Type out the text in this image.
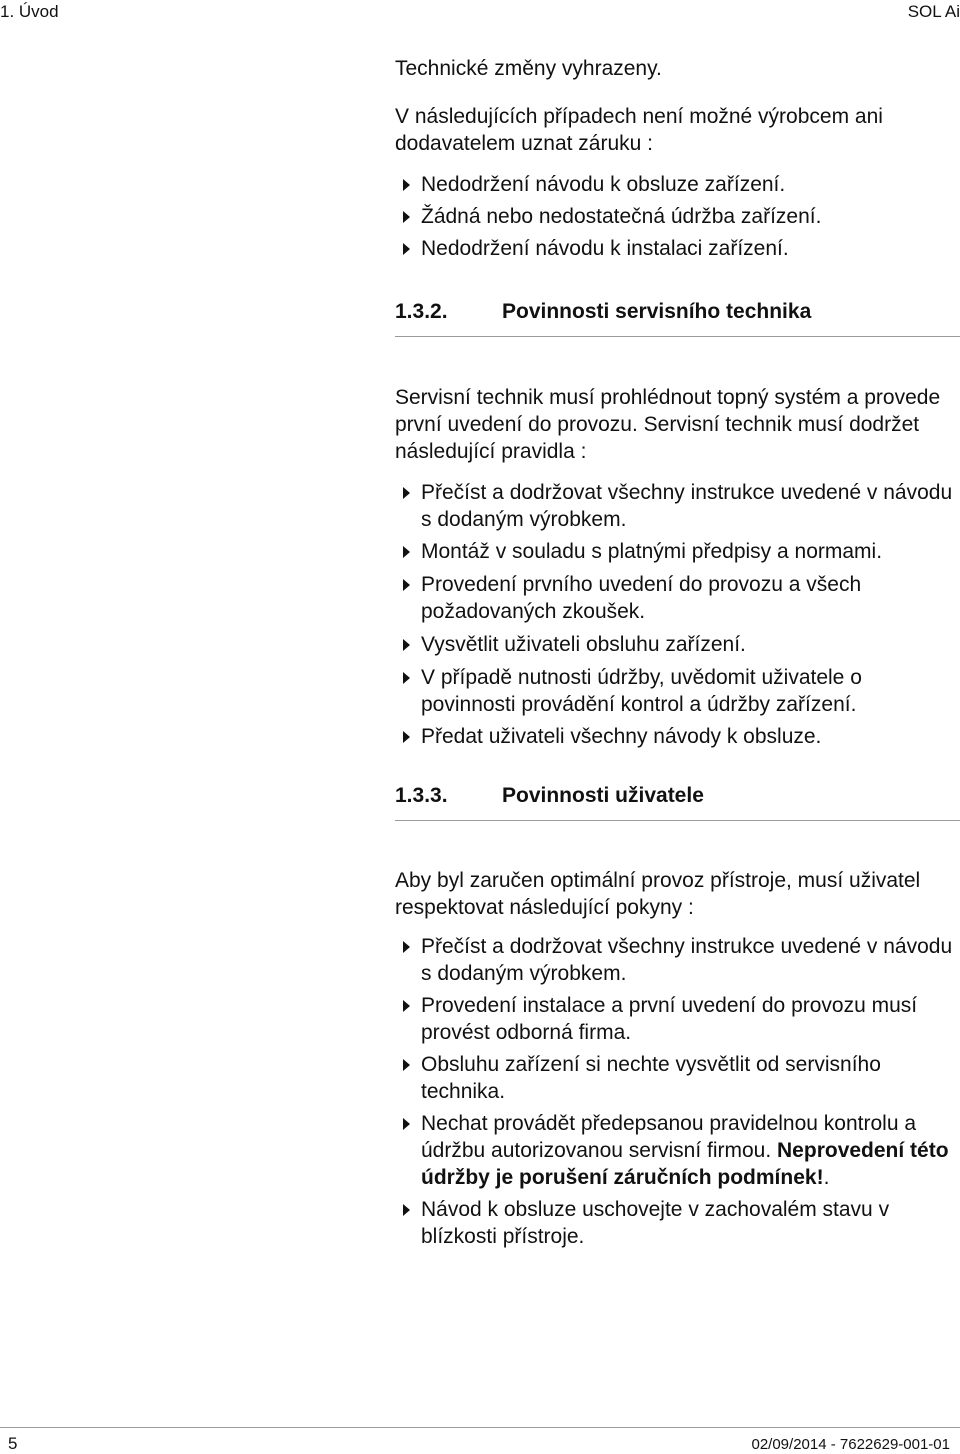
1. Úvod	SOL Ai

Technické změny vyhrazeny.

V následujících případech není možné výrobcem ani dodavatelem uznat záruku :

Nedodržení návodu k obsluze zařízení.
Žádná nebo nedostatečná údržba zařízení.
Nedodržení návodu k instalaci zařízení.
1.3.2.	Povinnosti servisního technika

Servisní technik musí prohlédnout topný systém a provede první uvedení do provozu. Servisní technik musí dodržet následující pravidla :

Přečíst a dodržovat všechny instrukce uvedené v návodu s dodaným výrobkem.
Montáž v souladu s platnými předpisy a normami.
Provedení prvního uvedení do provozu a všech požadovaných zkoušek.
Vysvětlit uživateli obsluhu zařízení.
V případě nutnosti údržby, uvědomit uživatele o povinnosti provádění kontrol a údržby zařízení.
Předat uživateli všechny návody k obsluze.
1.3.3.	Povinnosti uživatele

Aby byl zaručen optimální provoz přístroje, musí uživatel respektovat následující pokyny :

Přečíst a dodržovat všechny instrukce uvedené v návodu s dodaným výrobkem.
Provedení instalace a první uvedení do provozu musí provést odborná firma.
Obsluhu zařízení si nechte vysvětlit od servisního technika.
Nechat provádět předepsanou pravidelnou kontrolu a údržbu autorizovanou servisní firmou. Neprovedení této údržby je porušení záručních podmínek!.
Návod k obsluze uschovejte v zachovalém stavu v blízkosti přístroje.
5	02/09/2014 - 7622629-001-01
